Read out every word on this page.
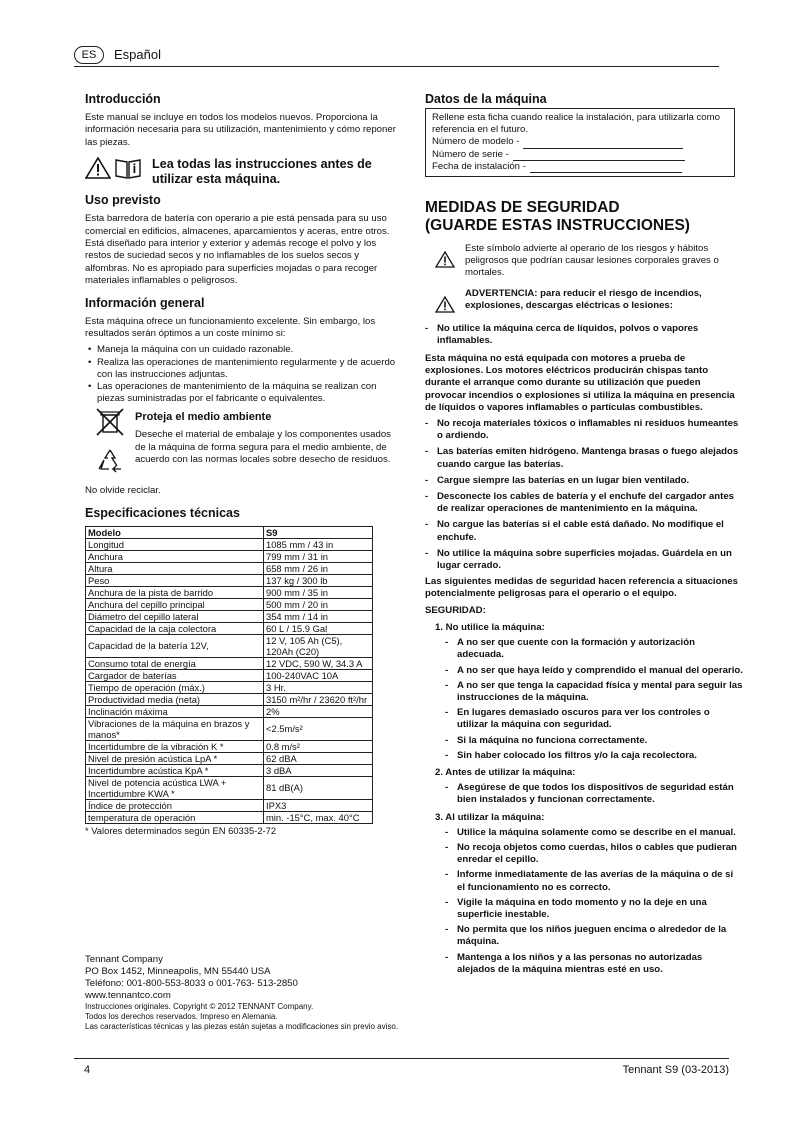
ES	Español
Introducción

Este manual se incluye en todos los modelos nuevos. Proporciona la información necesaria para su utilización, mantenimiento y cómo reponer las piezas.

Lea todas las instrucciones antes de utilizar esta máquina.
Uso previsto

Esta barredora de batería con operario a pie está pensada para su uso comercial en edificios, almacenes, aparcamientos y aceras, entre otros. Está diseñado para interior y exterior y además recoge el polvo y los restos de suciedad secos y no inflamables de los suelos secos y alfombras. No es apropiado para superficies mojadas o para recoger materiales inflamables o peligrosos.

Información general

Esta máquina ofrece un funcionamiento excelente. Sin embargo, los resultados serán óptimos a un coste mínimo si:

• Maneja la máquina con un cuidado razonable.
• Realiza las operaciones de mantenimiento regularmente y de acuerdo con las instrucciones adjuntas.
• Las operaciones de mantenimiento de la máquina se realizan con piezas suministradas por el fabricante o equivalentes.
Proteja el medio ambiente

Deseche el material de embalaje y los componentes usados de la máquina de forma segura para el medio ambiente, de acuerdo con las normas locales sobre desecho de residuos.

No olvide reciclar.

Especificaciones técnicas
Modelo	S9
Longitud	1085 mm / 43 in
Anchura	799 mm / 31 in
Altura	658 mm / 26 in
Peso	137 kg / 300 lb
Anchura de la pista de barrido	900 mm / 35 in
Anchura del cepillo principal	500 mm / 20 in
Diámetro del cepillo lateral	354 mm / 14 in
Capacidad de la caja colectora	60 L / 15.9 Gal
Capacidad de la batería 12V,	12 V, 105 Ah (C5), 120Ah (C20)
Consumo total de energía	12 VDC, 590 W, 34.3 A
Cargador de baterías	100-240VAC 10A
Tiempo de operación (máx.)	3 Hr.
Productividad media (neta)	3150 m²/hr / 23620 ft²/hr
Inclinación máxima	2%
Vibraciones de la máquina en brazos y manos*	<2.5m/s²
Incertidumbre de la vibración K *	0.8 m/s²
Nivel de presión acústica LpA *	62 dBA
Incertidumbre acústica KpA *	3 dBA
Nivel de potencia acústica LWA + Incertidumbre KWA *	81 dB(A)
Índice de protección	IPX3
temperatura de operación	min. -15°C, max. 40°C
* Valores determinados según EN 60335-2-72
Tennant Company
PO Box 1452, Minneapolis, MN 55440 USA
Teléfono: 001-800-553-8033 o 001-763- 513-2850
www.tennantco.com
Instrucciones originales. Copyright © 2012 TENNANT Company.
Todos los derechos reservados. Impreso en Alemania.
Las características técnicas y las piezas están sujetas a modificaciones sin previo aviso.
Datos de la máquina
Rellene esta ficha cuando realice la instalación, para utilizarla como referencia en el futuro.
Número de modelo -
Número de serie -
Fecha de instalación -
MEDIDAS DE SEGURIDAD
(GUARDE ESTAS INSTRUCCIONES)
Este símbolo advierte al operario de los riesgos y hábitos peligrosos que podrían causar lesiones corporales graves o mortales.
ADVERTENCIA: para reducir el riesgo de incendios, explosiones, descargas eléctricas o lesiones:
- No utilice la máquina cerca de líquidos, polvos o vapores inflamables.

Esta máquina no está equipada con motores a prueba de explosiones. Los motores eléctricos producirán chispas tanto durante el arranque como durante su utilización que pueden provocar incendios o explosiones si utiliza la máquina en presencia de líquidos o vapores inflamables o partículas combustibles.

- No recoja materiales tóxicos o inflamables ni residuos humeantes o ardiendo.
- Las baterías emiten hidrógeno. Mantenga brasas o fuego alejados cuando cargue las baterías.
- Cargue siempre las baterías en un lugar bien ventilado.
- Desconecte los cables de batería y el enchufe del cargador antes de realizar operaciones de mantenimiento en la máquina.
- No cargue las baterías si el cable está dañado. No modifique el enchufe.
- No utilice la máquina sobre superficies mojadas. Guárdela en un lugar cerrado.

Las siguientes medidas de seguridad hacen referencia a situaciones potencialmente peligrosas para el operario o el equipo.

SEGURIDAD:

1. No utilice la máquina:
- A no ser que cuente con la formación y autorización adecuada.
- A no ser que haya leído y comprendido el manual del operario.
- A no ser que tenga la capacidad física y mental para seguir las instrucciones de la máquina.
- En lugares demasiado oscuros para ver los controles o utilizar la máquina con seguridad.
- Si la máquina no funciona correctamente.
- Sin haber colocado los filtros y/o la caja recolectora.
2. Antes de utilizar la máquina:
- Asegúrese de que todos los dispositivos de seguridad están bien instalados y funcionan correctamente.
3. Al utilizar la máquina:
- Utilice la máquina solamente como se describe en el manual.
- No recoja objetos como cuerdas, hilos o cables que pudieran enredar el cepillo.
- Informe inmediatamente de las averías de la máquina o de si el funcionamiento no es correcto.
- Vigile la máquina en todo momento y no la deje en una superficie inestable.
- No permita que los niños jueguen encima o alrededor de la máquina.
- Mantenga a los niños y a las personas no autorizadas alejados de la máquina mientras esté en uso.
4	Tennant S9 (03-2013)
